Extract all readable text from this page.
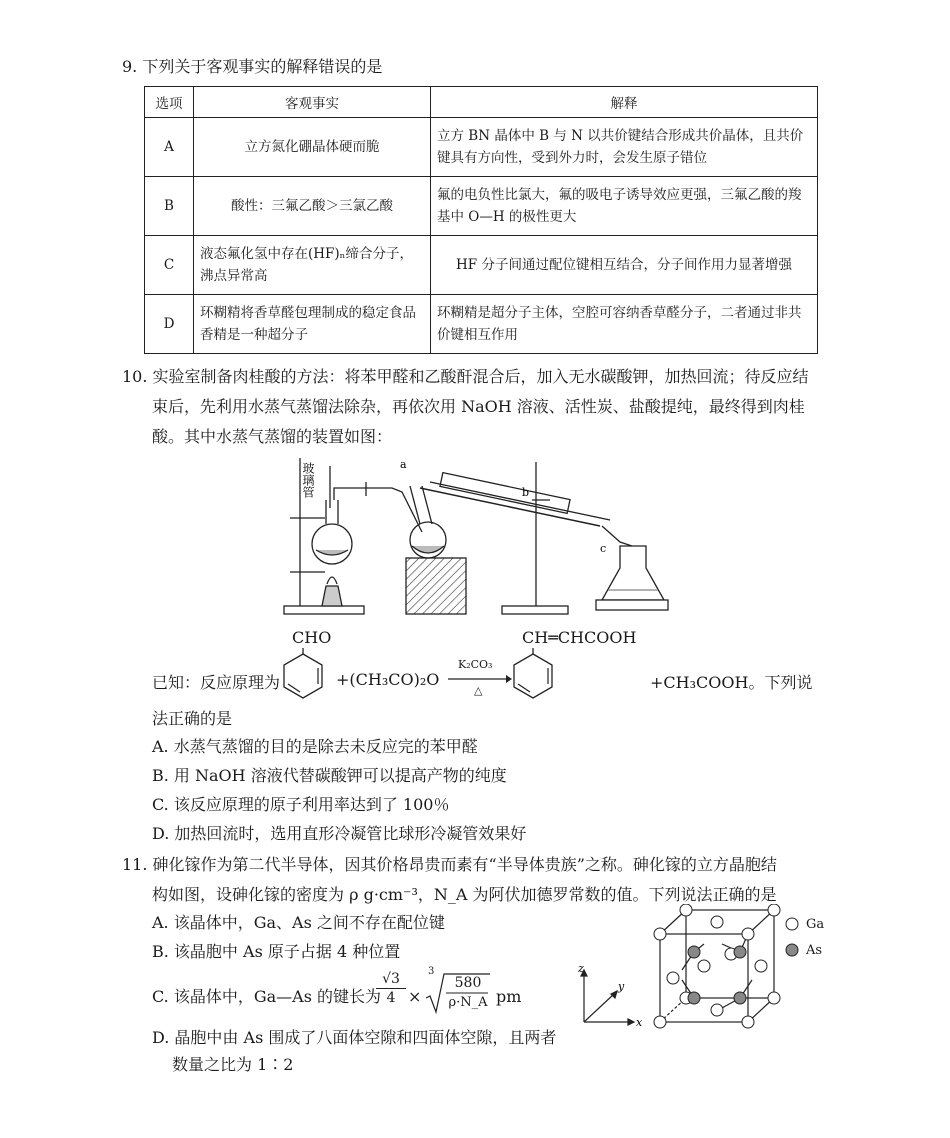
9. 下列关于客观事实的解释错误的是
选项	客观事实	解释
A	立方氮化硼晶体硬而脆	立方 BN 晶体中 B 与 N 以共价键结合形成共价晶体，且共价键具有方向性，受到外力时，会发生原子错位
B	酸性：三氟乙酸＞三氯乙酸	氟的电负性比氯大，氟的吸电子诱导效应更强，三氟乙酸的羧基中 O—H 的极性更大
C	液态氟化氢中存在(HF)ₙ缔合分子，沸点异常高	HF 分子间通过配位键相互结合，分子间作用力显著增强
D	环糊精将香草醛包理制成的稳定食品香精是一种超分子	环糊精是超分子主体，空腔可容纳香草醛分子，二者通过非共价键相互作用
10. 实验室制备肉桂酸的方法：将苯甲醛和乙酸酐混合后，加入无水碳酸钾，加热回流；待反应结
束后，先利用水蒸气蒸馏法除杂，再依次用 NaOH 溶液、活性炭、盐酸提纯，最终得到肉桂
酸。其中水蒸气蒸馏的装置如图：
玻璃管	a
b
c
CHO	CH═CHCOOH
已知：反应原理为	+(CH₃CO)₂O
K₂CO₃
△	+CH₃COOH。下列说
法正确的是
A. 水蒸气蒸馏的目的是除去未反应完的苯甲醛
B. 用 NaOH 溶液代替碳酸钾可以提高产物的纯度
C. 该反应原理的原子利用率达到了 100％
D. 加热回流时，选用直形冷凝管比球形冷凝管效果好
11. 砷化镓作为第二代半导体，因其价格昂贵而素有“半导体贵族”之称。砷化镓的立方晶胞结
构如图，设砷化镓的密度为 ρ g·cm⁻³，N_A 为阿伏加德罗常数的值。下列说法正确的是
A. 该晶体中，Ga、As 之间不存在配位键
B. 该晶胞中 As 原子占据 4 种位置
C. 该晶体中，Ga—As 的键长为
$\frac{√3}{4}$ ×
3
580
ρ·N_A pm
D. 晶胞中由 As 围成了八面体空隙和四面体空隙，且两者
数量之比为 1∶2
z
y
x
Ga
As
